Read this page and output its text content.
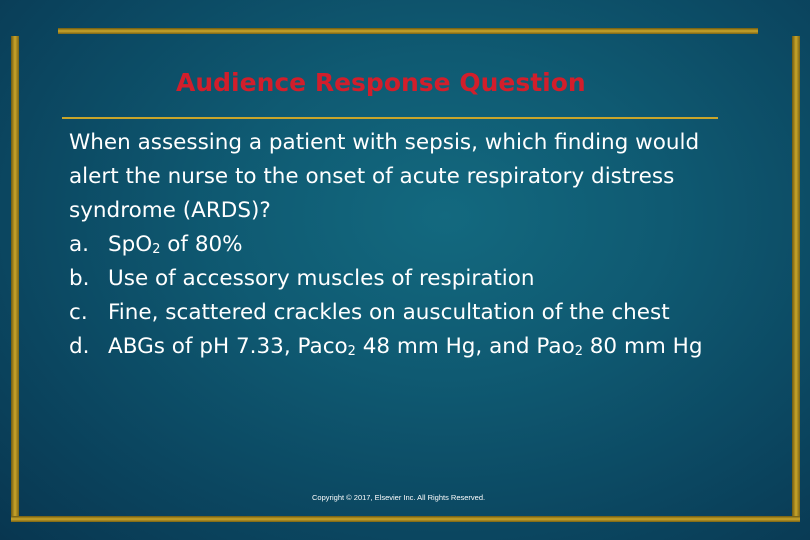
Audience Response Question

When assessing a patient with sepsis, which finding would alert the nurse to the onset of acute respiratory distress syndrome (ARDS)?

a. SpO$_2$ of 80%
b. Use of accessory muscles of respiration
c. Fine, scattered crackles on auscultation of the chest
d. ABGs of pH 7.33, Paco$_2$ 48 mm Hg, and Pao$_2$ 80 mm Hg
Copyright © 2017, Elsevier Inc. All Rights Reserved.
